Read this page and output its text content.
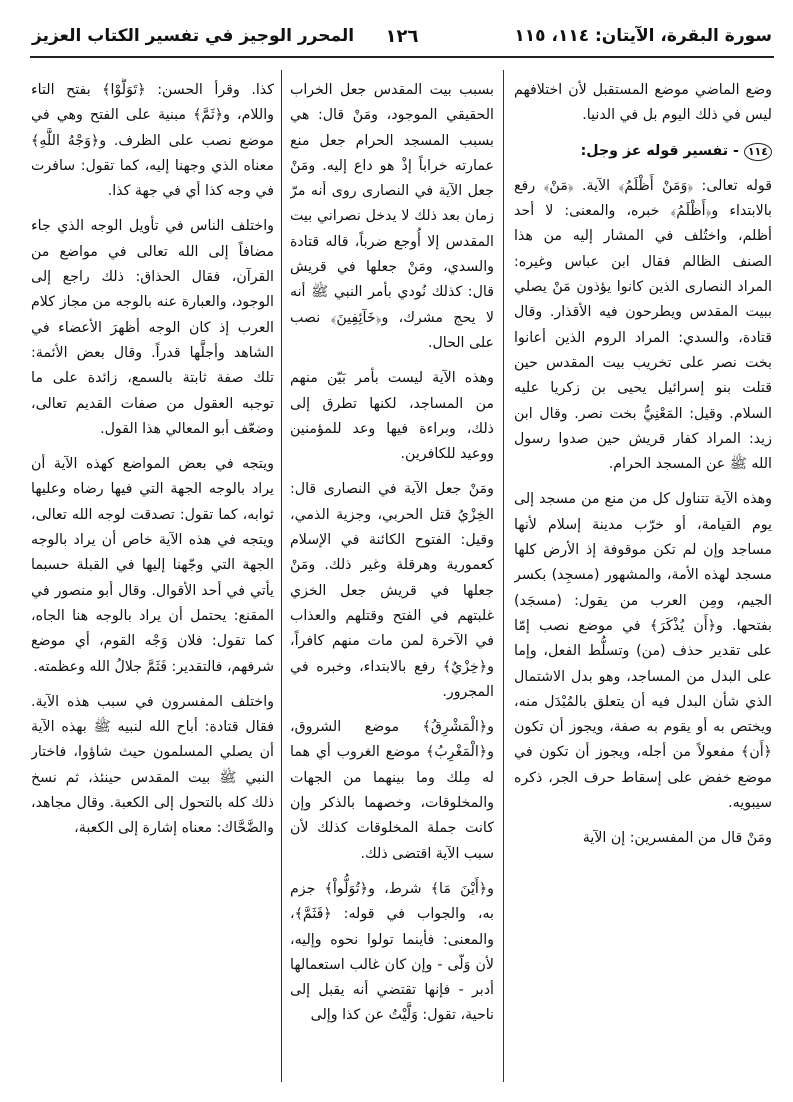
سورة البقرة، الآيتان: ١١٤، ١١٥
١٢٦
المحرر الوجيز في تفسير الكتاب العزيز

وضع الماضي موضع المستقبل لأن اختلافهم ليس في ذلك اليوم بل في الدنيا.

١١٤ - تفسير قوله عز وجل:

قوله تعالى: ﴿وَمَنْ أَظْلَمُ﴾ الآية. ﴿مَنْ﴾ رفع بالابتداء و﴿أَظْلَمُ﴾ خبره، والمعنى: لا أحد أظلم، واختُلف في المشار إليه من هذا الصنف الظالم فقال ابن عباس وغيره: المراد النصارى الذين كانوا يؤذون مَنْ يصلي ببيت المقدس ويطرحون فيه الأقذار. وقال قتادة، والسدي: المراد الروم الذين أعانوا بخت نصر على تخريب بيت المقدس حين قتلت بنو إسرائيل يحيى بن زكريا عليه السلام. وقيل: المَعْنِيُّ بخت نصر. وقال ابن زيد: المراد كفار قريش حين صدوا رسول الله ﷺ عن المسجد الحرام.

وهذه الآية تتناول كل من منع من مسجد إلى يوم القيامة، أو خرّب مدينة إسلام لأنها مساجد وإن لم تكن موقوفة إذ الأرض كلها مسجد لهذه الأمة، والمشهور (مسجِد) بكسر الجيم، ومِن العرب من يقول: (مسجَد) بفتحها. و﴿أَن يُذْكَرَ﴾ في موضع نصب إمّا على تقدير حذف (من) وتسلُّط الفعل، وإما على البدل من المساجد، وهو بدل الاشتمال الذي شأن البدل فيه أن يتعلق بالمُبْدَل منه، ويختص به أو يقوم به صفة، ويجوز أن تكون ﴿أَن﴾ مفعولاً من أجله، ويجوز أن تكون في موضع خفض على إسقاط حرف الجر، ذكره سيبويه.

ومَنْ قال من المفسرين: إن الآية

بسبب بيت المقدس جعل الخراب الحقيقي الموجود، ومَنْ قال: هي بسبب المسجد الحرام جعل منع عمارته خراباً إذْ هو داع إليه. ومَنْ جعل الآية في النصارى روى أنه مرّ زمان بعد ذلك لا يدخل نصراني بيت المقدس إلا أُوجع ضرباً، قاله قتادة والسدي، ومَنْ جعلها في قريش قال: كذلك نُودي بأمر النبي ﷺ أنه لا يحج مشرك، و﴿خَآئِفِينَ﴾ نصب على الحال.

وهذه الآية ليست بأمر بَيّن منهم من المساجد، لكنها تطرق إلى ذلك، وبراءة فيها وعد للمؤمنين ووعيد للكافرين.

ومَنْ جعل الآية في النصارى قال: الخِزْيُ قتل الحربي، وجزية الذمي، وقيل: الفتوح الكائنة في الإسلام كعمورية وهرقلة وغير ذلك. ومَنْ جعلها في قريش جعل الخزي غلبتهم في الفتح وقتلهم والعذاب في الآخرة لمن مات منهم كافراً، و﴿خِزْيٌ﴾ رفع بالابتداء، وخبره في المجرور.

و﴿الْمَشْرِقُ﴾ موضع الشروق، و﴿الْمَغْرِبُ﴾ موضع الغروب أي هما له مِلك وما بينهما من الجهات والمخلوقات، وخصهما بالذكر وإن كانت جملة المخلوقات كذلك لأن سبب الآية اقتضى ذلك.

و﴿أَيْنَ مَا﴾ شرط، و﴿تُوَلُّواْ﴾ جزم به، والجواب في قوله: ﴿فَثَمَّ﴾، والمعنى: فأينما تولوا نحوه وإليه، لأن وَلّى - وإن كان غالب استعمالها أدبر - فإنها تقتضي أنه يقبل إلى ناحية، تقول: وَلَّيْتُ عن كذا وإلى

كذا. وقرأ الحسن: ﴿تَوَلَّوْا﴾ بفتح التاء واللام، و﴿ثَمَّ﴾ مبنية على الفتح وهي في موضع نصب على الظرف. و﴿وَجْهُ اللَّهِ﴾ معناه الذي وجهنا إليه، كما تقول: سافرت في وجه كذا أي في جهة كذا.

واختلف الناس في تأويل الوجه الذي جاء مضافاً إلى الله تعالى في مواضع من القرآن، فقال الحذاق: ذلك راجع إلى الوجود، والعبارة عنه بالوجه من مجاز كلام العرب إذ كان الوجه أظهرَ الأعضاء في الشاهد وأجلَّها قدراً. وقال بعض الأئمة: تلك صفة ثابتة بالسمع، زائدة على ما توجبه العقول من صفات القديم تعالى، وضعّف أبو المعالي هذا القول.

ويتجه في بعض المواضع كهذه الآية أن يراد بالوجه الجهة التي فيها رضاه وعليها ثوابه، كما تقول: تصدقت لوجه الله تعالى، ويتجه في هذه الآية خاص أن يراد بالوجه الجهة التي وجّهنا إليها في القبلة حسبما يأتي في أحد الأقوال. وقال أبو منصور في المقنع: يحتمل أن يراد بالوجه هنا الجاه، كما تقول: فلان وَجْه القوم، أي موضع شرفهم، فالتقدير: فَثَمَّ جلالُ الله وعظمته.

واختلف المفسرون في سبب هذه الآية. فقال قتادة: أباح الله لنبيه ﷺ بهذه الآية أن يصلي المسلمون حيث شاؤوا، فاختار النبي ﷺ بيت المقدس حينئذ، ثم نسخ ذلك كله بالتحول إلى الكعبة. وقال مجاهد، والضَّحَّاك: معناه إشارة إلى الكعبة،
